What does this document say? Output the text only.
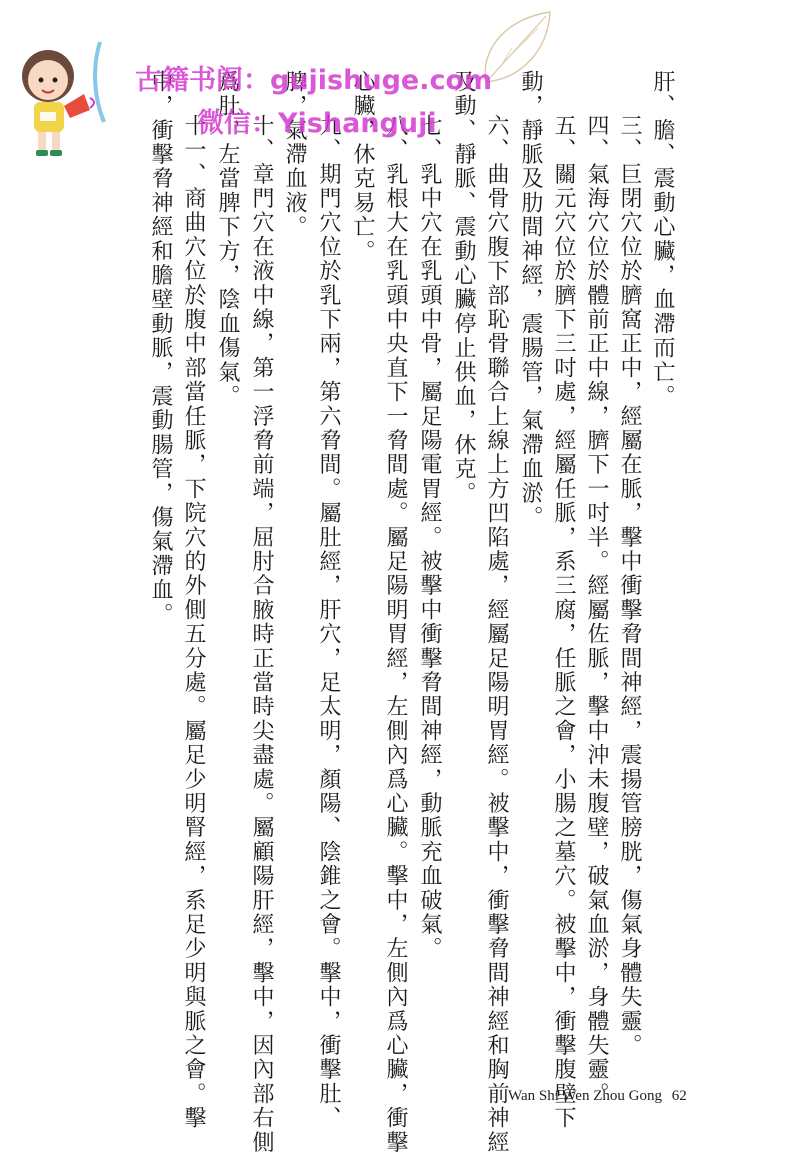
肝、膽、震動心臟，血滯而亡。
三、巨閉穴位於臍窩正中，經屬在脈，擊中衝擊脅間神經，震揚管膀胱，傷氣身體失靈。
四、氣海穴位於體前正中線，臍下一吋半。經屬佐脈，擊中沖未腹壁，破氣血淤，身體失靈。
五、關元穴位於臍下三吋處，經屬任脈，系三腐，任脈之會，小腸之墓穴。被擊中，衝擊腹壁下
動，靜脈及肋間神經，震腸管，氣滯血淤。
六、曲骨穴腹下部恥骨聯合上線上方凹陷處，經屬足陽明胃經。被擊中，衝擊脅間神經和胸前神經
及動、靜脈、震動心臟停止供血，休克。
七、乳中穴在乳頭中骨，屬足陽電胃經。被擊中衝擊脅間神經，動脈充血破氣。
八、乳根大在乳頭中央直下一脅間處。屬足陽明胃經，左側內爲心臟。擊中，左側內爲心臟，衝擊
心臟，休克易亡。
九、期門穴位於乳下兩，第六脅間。屬肚經，肝穴，足太明，顏陽、陰錐之會。擊中，衝擊肚、
脾，氣滯血液。
十、章門穴在液中線，第一浮脅前端，屈肘合腋時正當時尖盡處。屬顧陽肝經，擊中，因內部右側
爲肚，左當脾下方，陰血傷氣。
十一、商曲穴位於腹中部當任脈，下院穴的外側五分處。屬足少明腎經，系足少明與脈之會。擊
中，衝擊脅神經和膽壁動脈，震動腸管，傷氣滯血。
古籍书阁：gujishuge.com
微信：Yishanguji
Wan Shi Wen Zhou Gong 62
